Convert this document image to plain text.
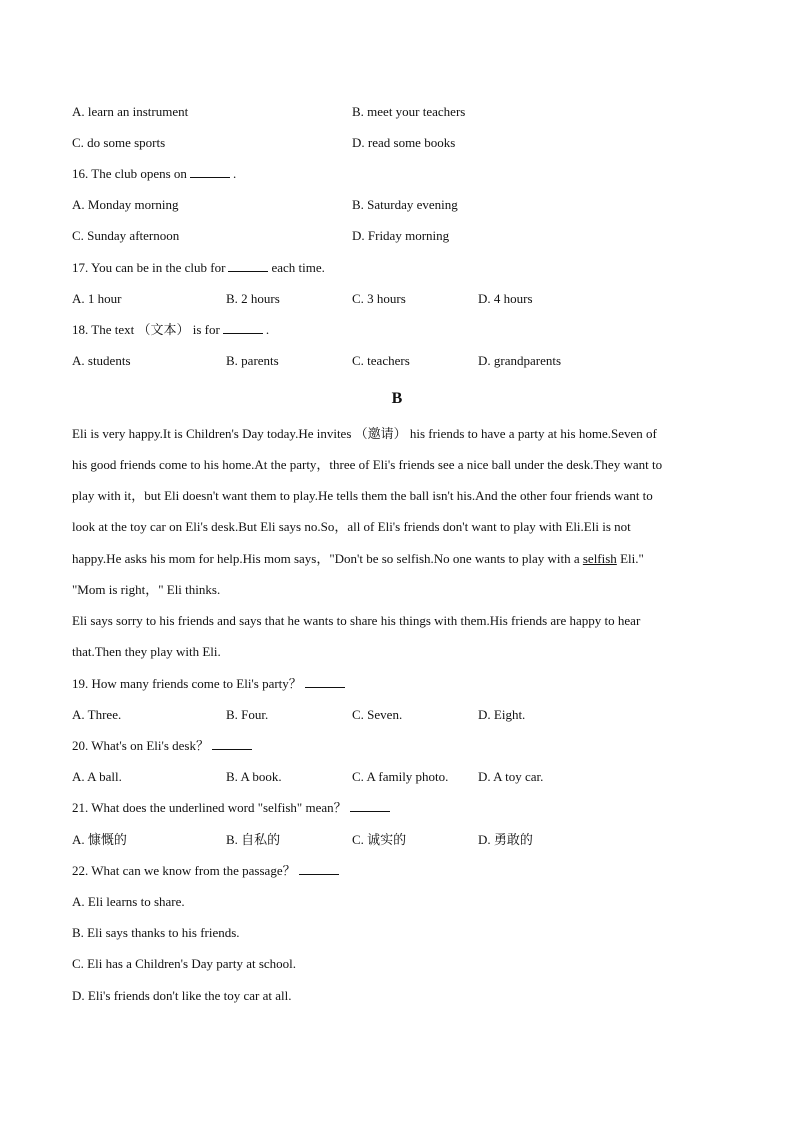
A. learn an instrument	B. meet your teachers
C. do some sports	D. read some books
16. The club opens on	.
A. Monday morning	B. Saturday evening
C. Sunday afternoon	D. Friday morning
17. You can be in the club for	each time.
A. 1 hour	B. 2 hours	C. 3 hours	D. 4 hours
18. The text （文本） is for	.
A. students	B. parents	C. teachers	D. grandparents
B
Eli is very happy.It is Children's Day today.He invites （邀请） his friends to have a party at his home.Seven of
his good friends come to his home.At the party，three of Eli's friends see a nice ball under the desk.They want to
play with it，but Eli doesn't want them to play.He tells them the ball isn't his.And the other four friends want to
look at the toy car on Eli's desk.But Eli says no.So，all of Eli's friends don't want to play with Eli.Eli is not
happy.He asks his mom for help.His mom says，"Don't be so selfish.No one wants to play with a selfish Eli."
"Mom is right，" Eli thinks.
Eli says sorry to his friends and says that he wants to share his things with them.His friends are happy to hear
that.Then they play with Eli.
19. How many friends come to Eli's party？
A. Three.	B. Four.	C. Seven.	D. Eight.
20. What's on Eli's desk？
A. A ball.	B. A book.	C. A family photo. D. A toy car.
21. What does the underlined word "selfish" mean？
A. 慷慨的	B. 自私的	C. 诚实的	D. 勇敢的
22. What can we know from the passage？
A. Eli learns to share.
B. Eli says thanks to his friends.
C. Eli has a Children's Day party at school.
D. Eli's friends don't like the toy car at all.
